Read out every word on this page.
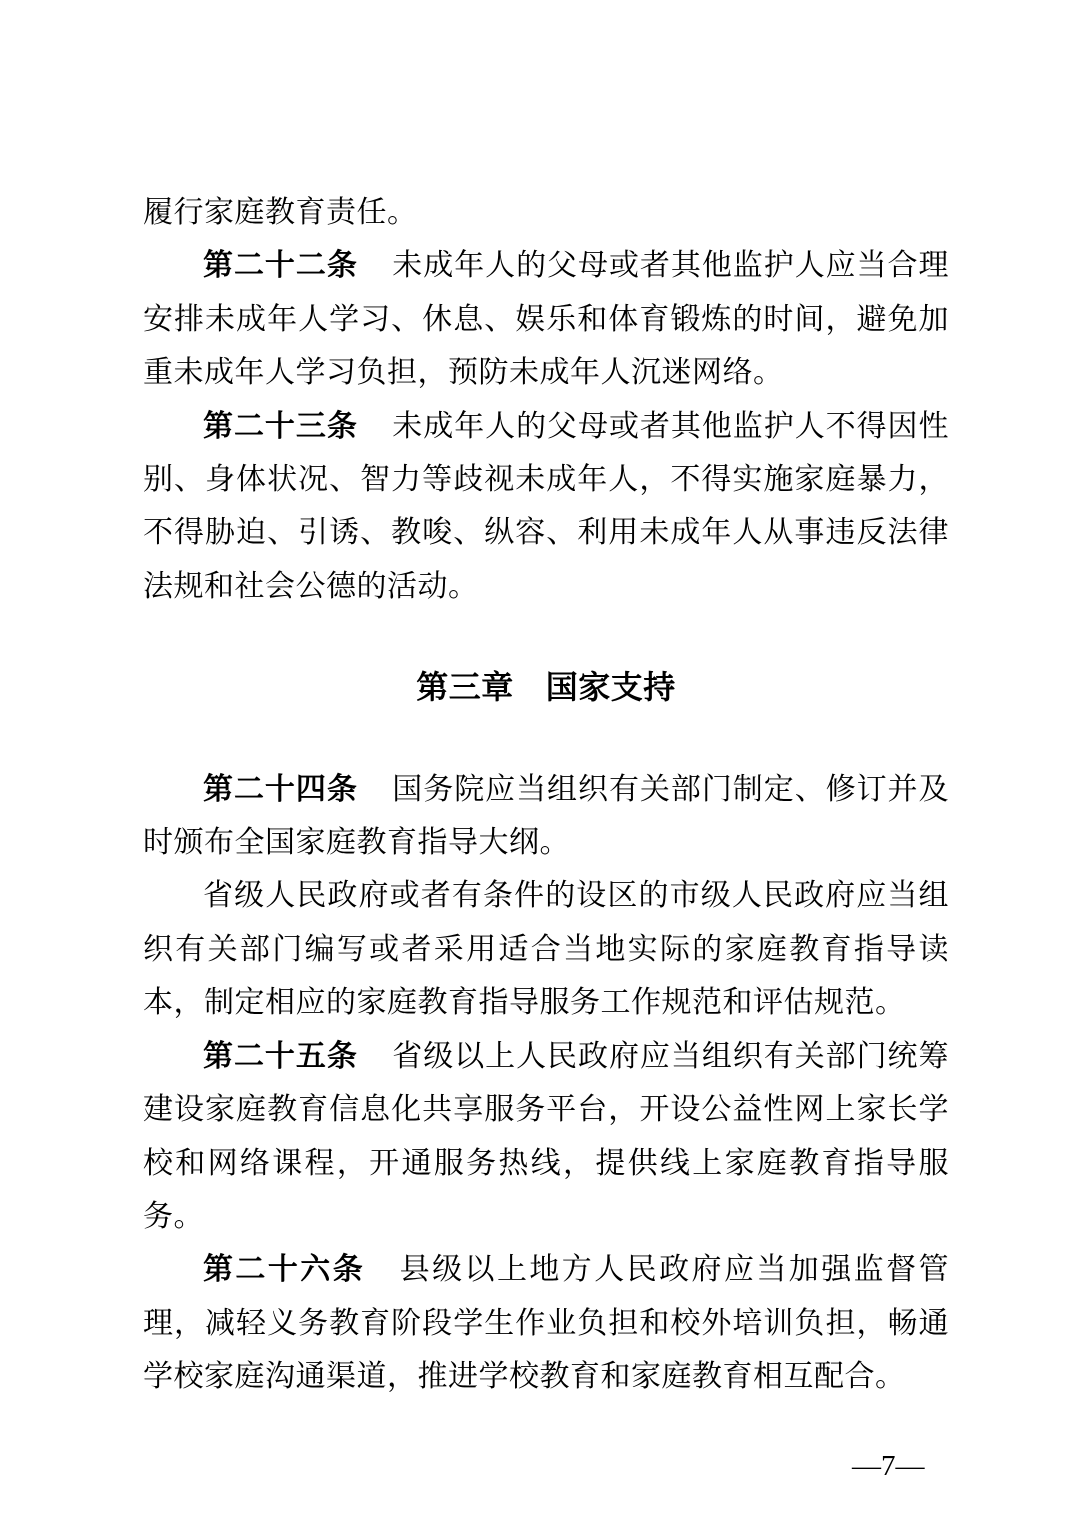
履行家庭教育责任。

第二十二条 未成年人的父母或者其他监护人应当合理安排未成年人学习、休息、娱乐和体育锻炼的时间，避免加重未成年人学习负担，预防未成年人沉迷网络。

第二十三条 未成年人的父母或者其他监护人不得因性别、身体状况、智力等歧视未成年人，不得实施家庭暴力，不得胁迫、引诱、教唆、纵容、利用未成年人从事违反法律法规和社会公德的活动。

第三章 国家支持

第二十四条 国务院应当组织有关部门制定、修订并及时颁布全国家庭教育指导大纲。

省级人民政府或者有条件的设区的市级人民政府应当组织有关部门编写或者采用适合当地实际的家庭教育指导读本，制定相应的家庭教育指导服务工作规范和评估规范。

第二十五条 省级以上人民政府应当组织有关部门统筹建设家庭教育信息化共享服务平台，开设公益性网上家长学校和网络课程，开通服务热线，提供线上家庭教育指导服务。

第二十六条 县级以上地方人民政府应当加强监督管理，减轻义务教育阶段学生作业负担和校外培训负担，畅通学校家庭沟通渠道，推进学校教育和家庭教育相互配合。

—7—
